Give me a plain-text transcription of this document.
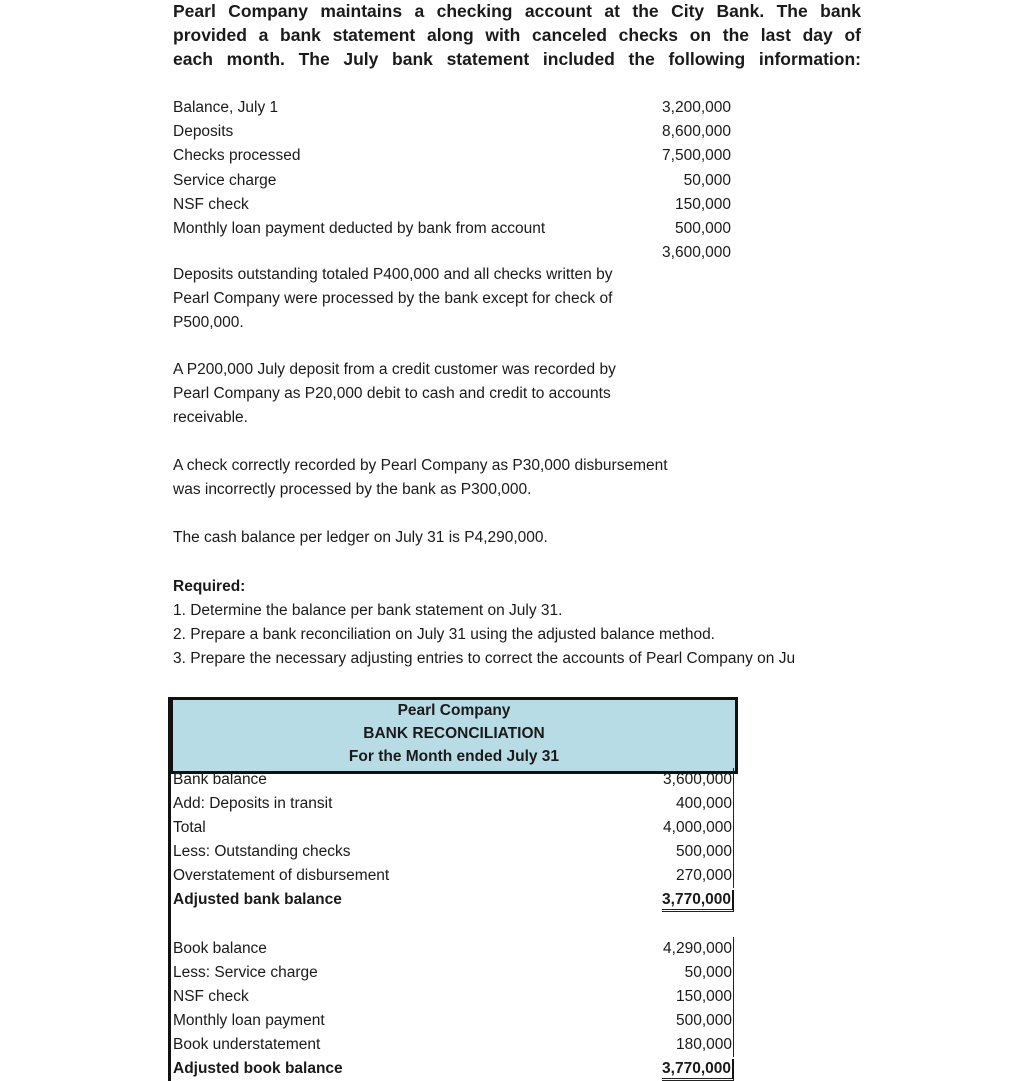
Pearl Company maintains a checking account at the City Bank. The bank
provided a bank statement along with canceled checks on the last day of
each month. The July bank statement included the following information:
Balance, July 1	3,200,000
Deposits	8,600,000
Checks processed	7,500,000
Service charge	50,000
NSF check	150,000
Monthly loan payment deducted by bank from account	500,000
3,600,000
Deposits outstanding totaled P400,000 and all checks written by
Pearl Company were processed by the bank except for check of
P500,000.
A P200,000 July deposit from a credit customer was recorded by
Pearl Company as P20,000 debit to cash and credit to accounts
receivable.
A check correctly recorded by Pearl Company as P30,000 disbursement
was incorrectly processed by the bank as P300,000.
The cash balance per ledger on July 31 is P4,290,000.
Required:
1. Determine the balance per bank statement on July 31.
2. Prepare a bank reconciliation on July 31 using the adjusted balance method.
3. Prepare the necessary adjusting entries to correct the accounts of Pearl Company on Ju
Pearl Company
BANK RECONCILIATION
For the Month ended July 31
Bank balance	3,600,000
Add: Deposits in transit	400,000
Total	4,000,000
Less: Outstanding checks	500,000
Overstatement of disbursement	270,000
Adjusted bank balance	3,770,000
Book balance	4,290,000
Less: Service charge	50,000
NSF check	150,000
Monthly loan payment	500,000
Book understatement	180,000
Adjusted book balance	3,770,000
